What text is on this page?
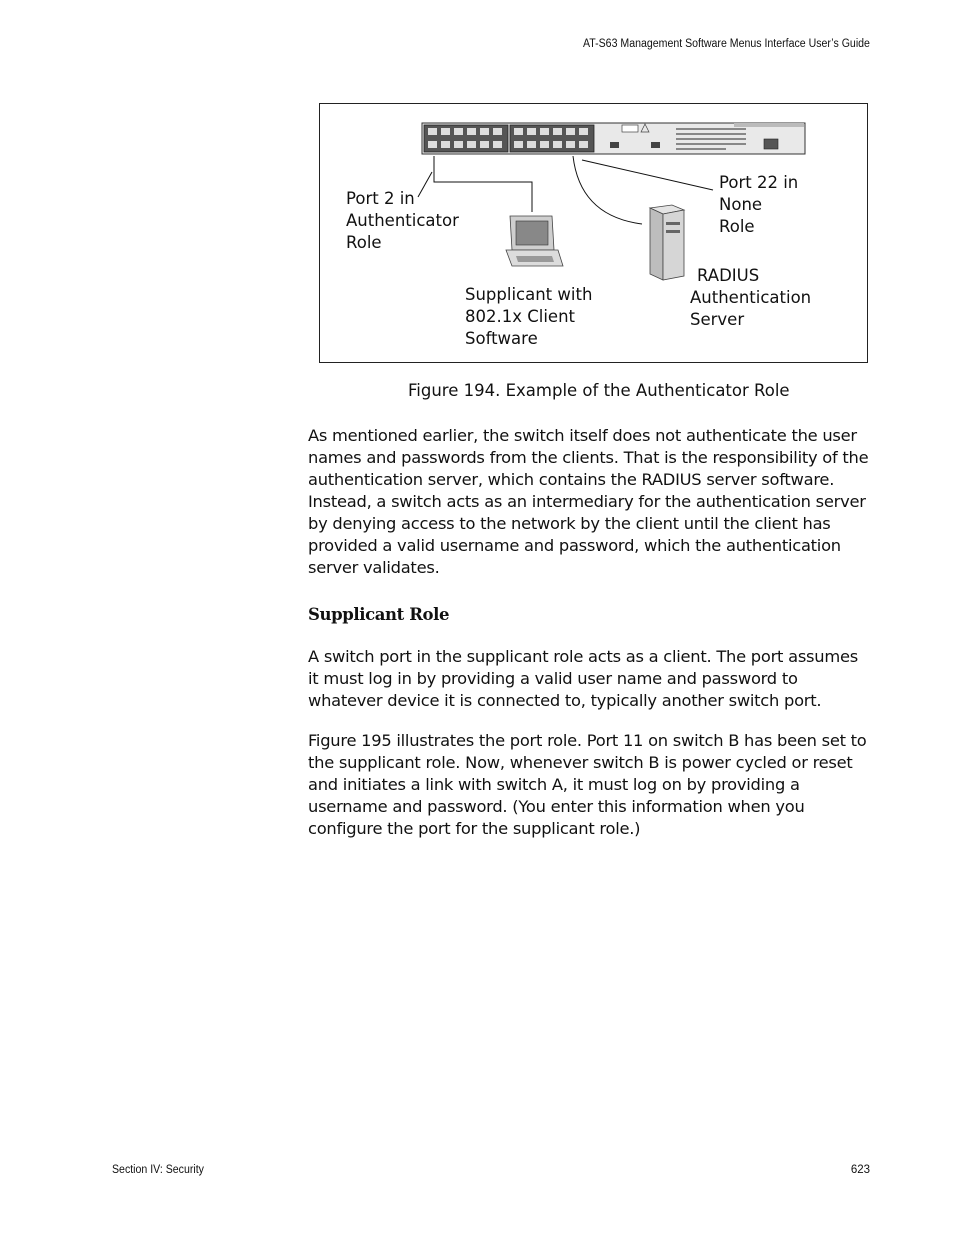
AT-S63 Management Software Menus Interface User’s Guide
Port 2 in
Authenticator
Role
Port 22 in
None
Role
RADIUS
Authentication
Server
Supplicant with
802.1x Client
Software
Figure 194. Example of the Authenticator Role

As mentioned earlier, the switch itself does not authenticate the user names and passwords from the clients. That is the responsibility of the authentication server, which contains the RADIUS server software. Instead, a switch acts as an intermediary for the authentication server by denying access to the network by the client until the client has provided a valid username and password, which the authentication server validates.

Supplicant Role

A switch port in the supplicant role acts as a client. The port assumes it must log in by providing a valid user name and password to whatever device it is connected to, typically another switch port.

Figure 195 illustrates the port role. Port 11 on switch B has been set to the supplicant role. Now, whenever switch B is power cycled or reset and initiates a link with switch A, it must log on by providing a username and password. (You enter this information when you configure the port for the supplicant role.)

Section IV: Security	623
